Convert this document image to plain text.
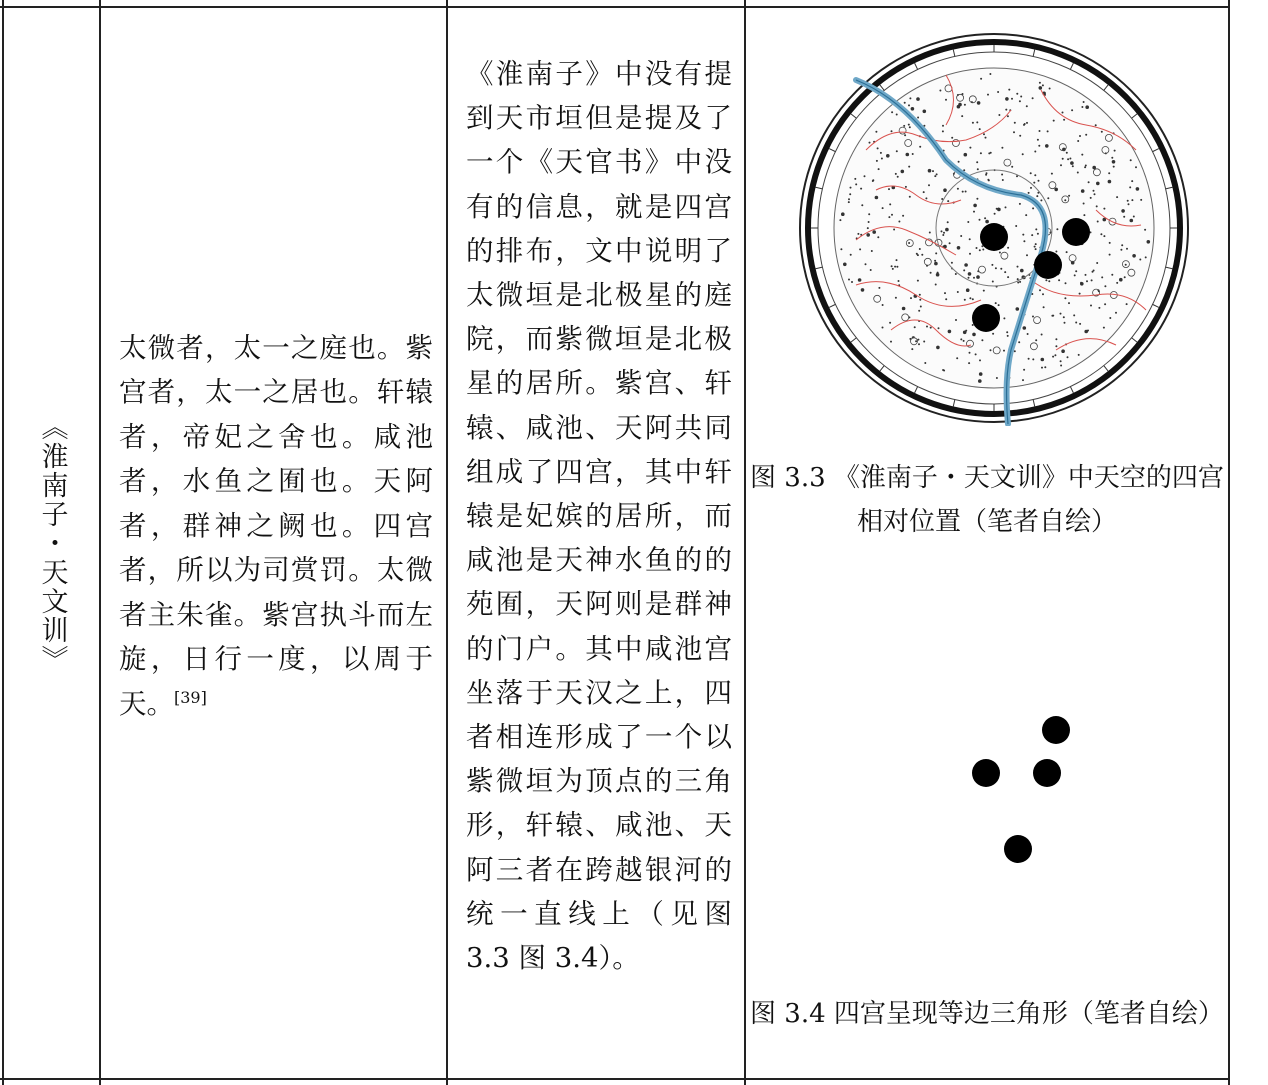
《淮南子・天文训》
太微者，太一之庭也。紫宫者，太一之居也。轩辕者，帝妃之舍也。咸池者，水鱼之囿也。天阿者，群神之阙也。四宫者，所以为司赏罚。太微者主朱雀。紫宫执斗而左旋，日行一度，以周于天。[39]
《淮南子》中没有提到天市垣但是提及了一个《天官书》中没有的信息，就是四宫的排布，文中说明了太微垣是北极星的庭院，而紫微垣是北极星的居所。紫宫、轩辕、咸池、天阿共同组成了四宫，其中轩辕是妃嫔的居所，而咸池是天神水鱼的的苑囿，天阿则是群神的门户。其中咸池宫坐落于天汉之上，四者相连形成了一个以紫微垣为顶点的三角形，轩辕、咸池、天阿三者在跨越银河的统一直线上（见图 3.3 图 3.4）。
图 3.3 《淮南子・天文训》中天空的四宫相对位置（笔者自绘）
图 3.4 四宫呈现等边三角形（笔者自绘）
